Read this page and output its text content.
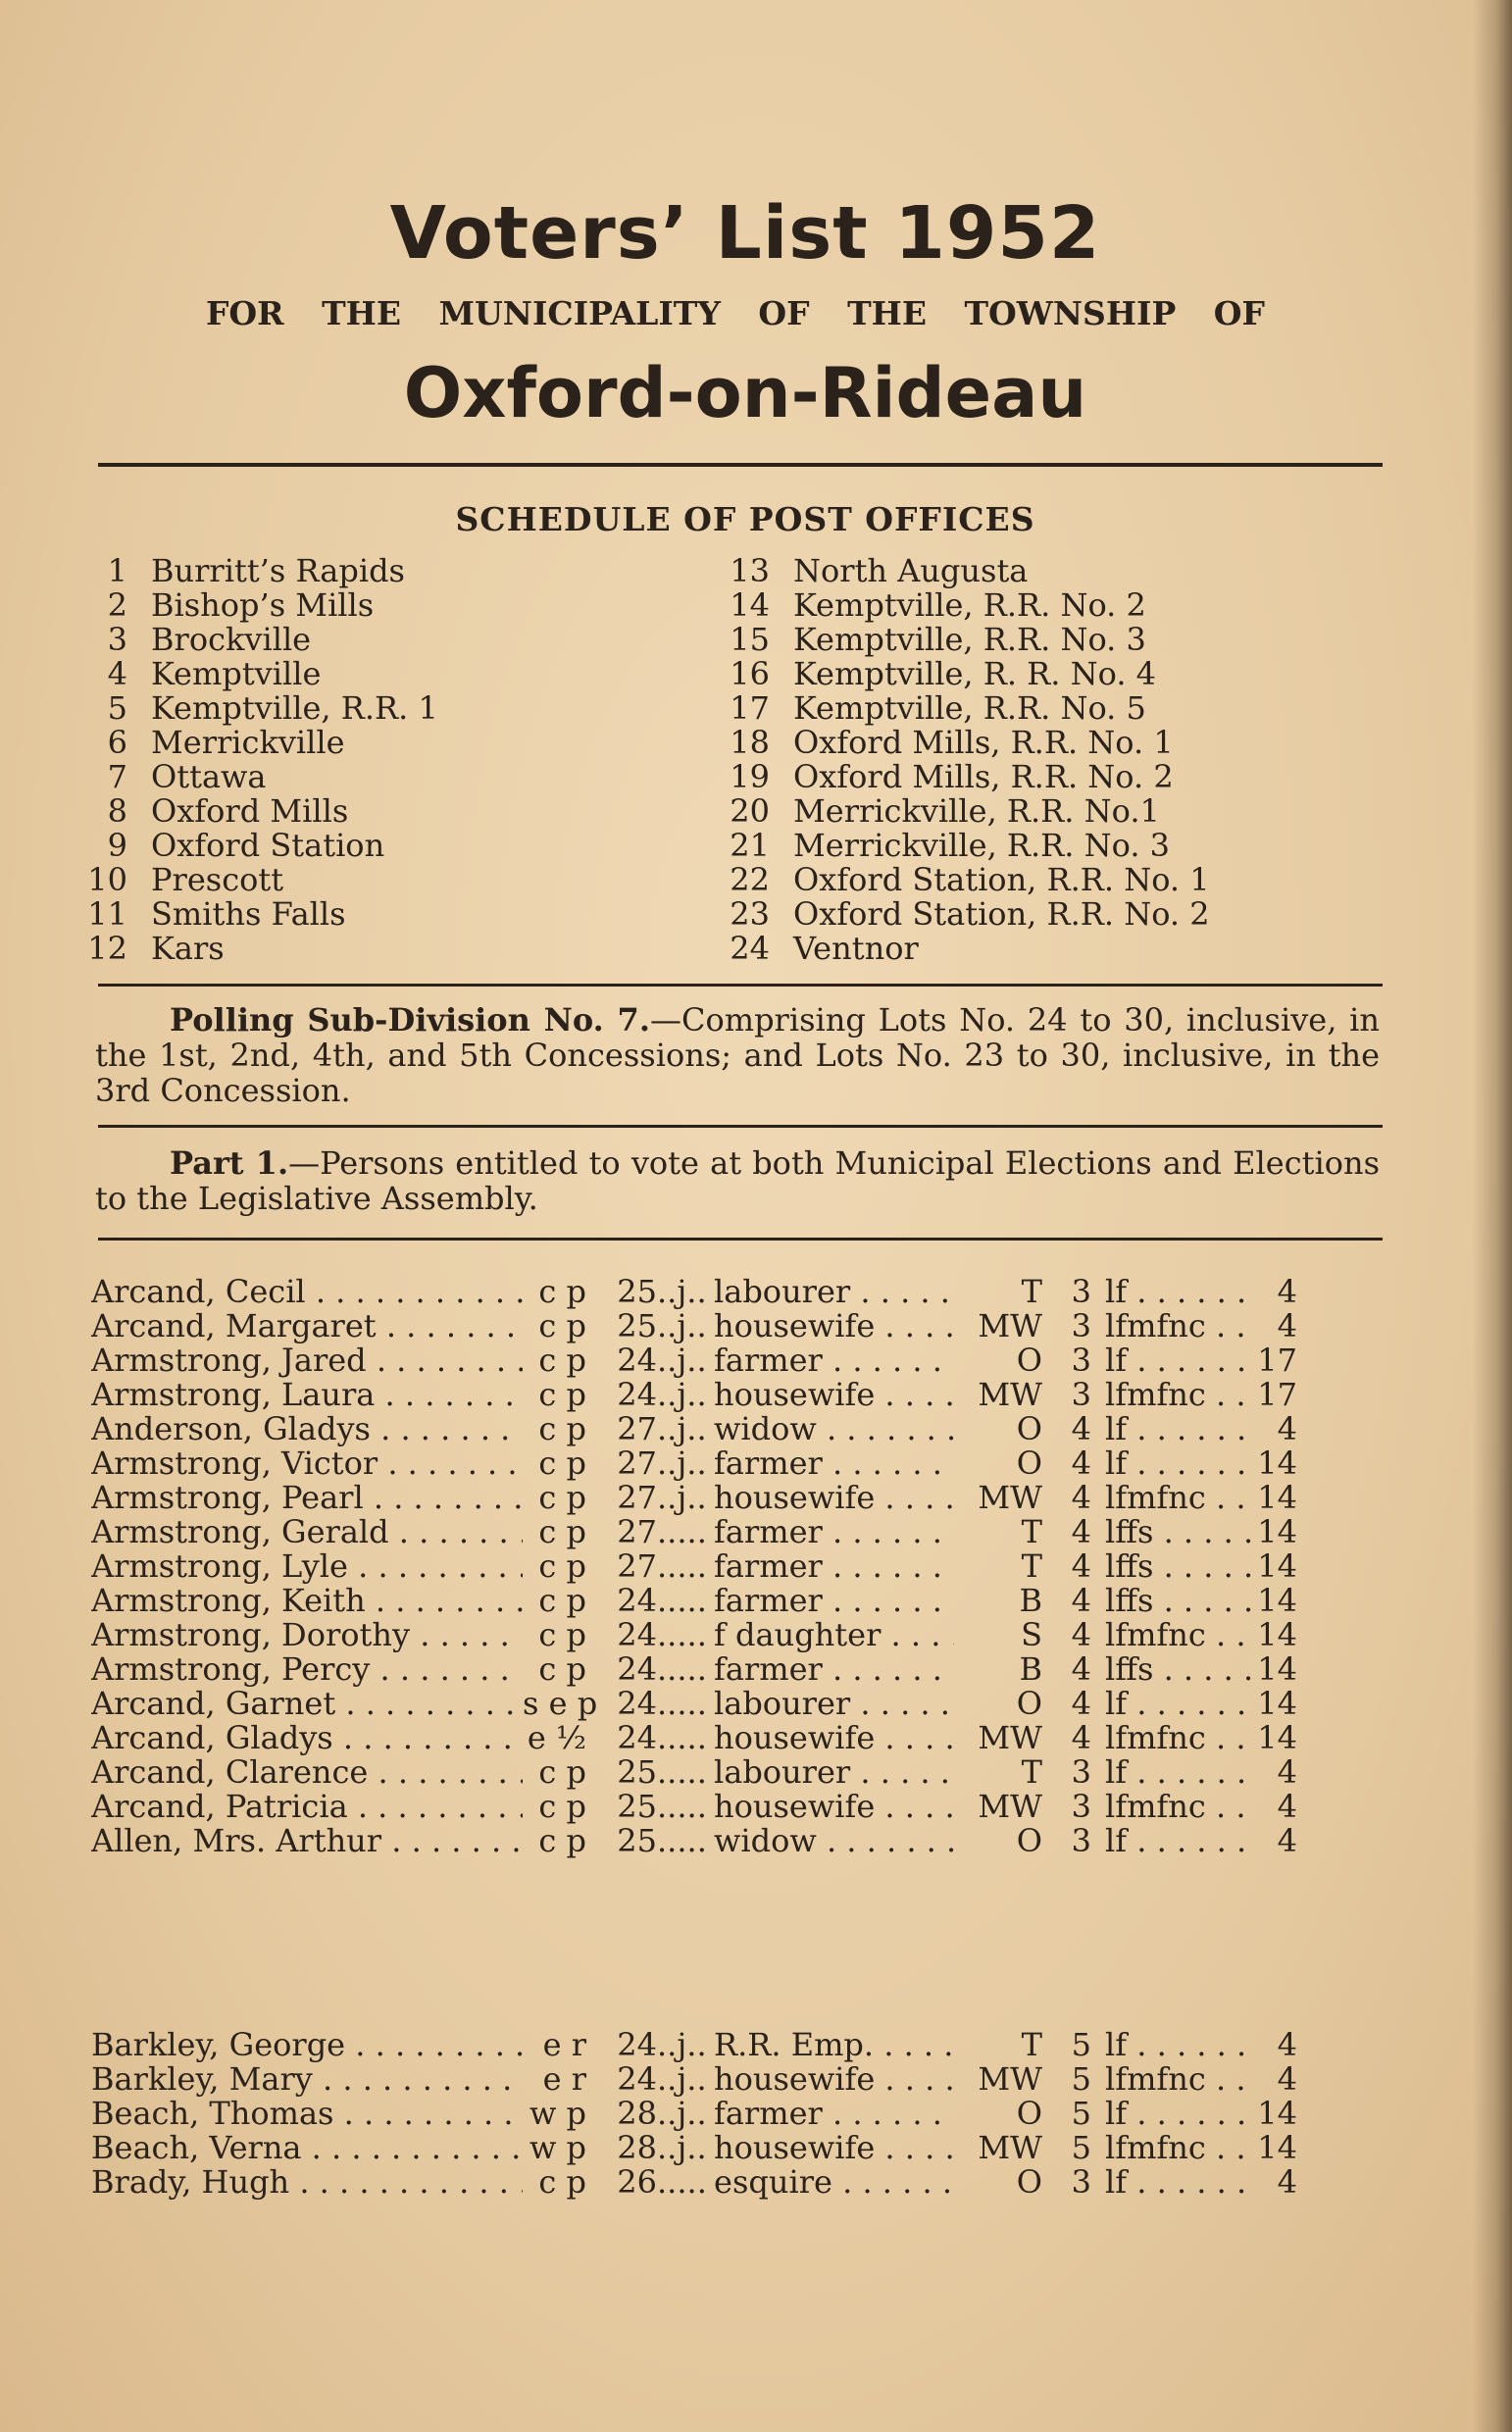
Voters’ List 1952
FOR THE MUNICIPALITY OF THE TOWNSHIP OF
Oxford-on-Rideau
SCHEDULE OF POST OFFICES
1 Burritt’s Rapids
2 Bishop’s Mills
3 Brockville
4 Kemptville
5 Kemptville, R.R. 1
6 Merrickville
7 Ottawa
8 Oxford Mills
9 Oxford Station
10 Prescott
11 Smiths Falls
12 Kars
13 North Augusta
14 Kemptville, R.R. No. 2
15 Kemptville, R.R. No. 3
16 Kemptville, R. R. No. 4
17 Kemptville, R.R. No. 5
18 Oxford Mills, R.R. No. 1
19 Oxford Mills, R.R. No. 2
20 Merrickville, R.R. No.1
21 Merrickville, R.R. No. 3
22 Oxford Station, R.R. No. 1
23 Oxford Station, R.R. No. 2
24 Ventnor
Polling Sub-Division No. 7.—Comprising Lots No. 24 to 30, inclusive, in the 1st, 2nd, 4th, and 5th Concessions; and Lots No. 23 to 30, inclusive, in the 3rd Concession.
Part 1.—Persons entitled to vote at both Municipal Elections and Elections to the Legislative Assembly.
Arcand, Cecil . . .	c p 25 ..j.. labourer . . .	T 3 lf . . .	4
Arcand, Margaret . . .	c p 25 ..j.. housewife . . .	MW 3 lfmfnc . . .	4
Armstrong, Jared . . .	c p 24 ..j.. farmer . . .	O 3 lf . . .	17
Armstrong, Laura . . .	c p 24 ..j.. housewife . . .	MW 3 lfmfnc . . .	17
Anderson, Gladys . . .	c p 27 ..j.. widow . . .	O 4 lf . . .	4
Armstrong, Victor . . .	c p 27 ..j.. farmer . . .	O 4 lf . . .	14
Armstrong, Pearl . . .	c p 27 ..j.. housewife . . .	MW 4 lfmfnc . . .	14
Armstrong, Gerald . . .	c p 27 ..... farmer . . .	T 4 lffs . . .	14
Armstrong, Lyle . . .	c p 27 ..... farmer . . .	T 4 lffs . . .	14
Armstrong, Keith . . .	c p 24 ..... farmer . . .	B 4 lffs . . .	14
Armstrong, Dorothy . . .	c p 24 ..... f daughter . . .	S 4 lfmfnc . . .	14
Armstrong, Percy . . .	c p 24 ..... farmer . . .	B 4 lffs . . .	14
Arcand, Garnet . . .	s e p 24 ..... labourer . . .	O 4 lf . . .	14
Arcand, Gladys . . .	e ½ 24 ..... housewife . . .	MW 4 lfmfnc . . .	14
Arcand, Clarence . . .	c p 25 ..... labourer . . .	T 3 lf . . .	4
Arcand, Patricia . . .	c p 25 ..... housewife . . .	MW 3 lfmfnc . . .	4
Allen, Mrs. Arthur . . .	c p 25 ..... widow . . .	O 3 lf . . .	4
Barkley, George . . .	e r 24 ..j.. R.R. Emp. . . .	T 5 lf . . .	4
Barkley, Mary . . .	e r 24 ..j.. housewife . . .	MW 5 lfmfnc . . .	4
Beach, Thomas . . .	w p 28 ..j.. farmer . . .	O 5 lf . . .	14
Beach, Verna . . .	w p 28 ..j.. housewife . . .	MW 5 lfmfnc . . .	14
Brady, Hugh . . .	c p 26 ..... esquire . . .	O 3 lf . . .	4
